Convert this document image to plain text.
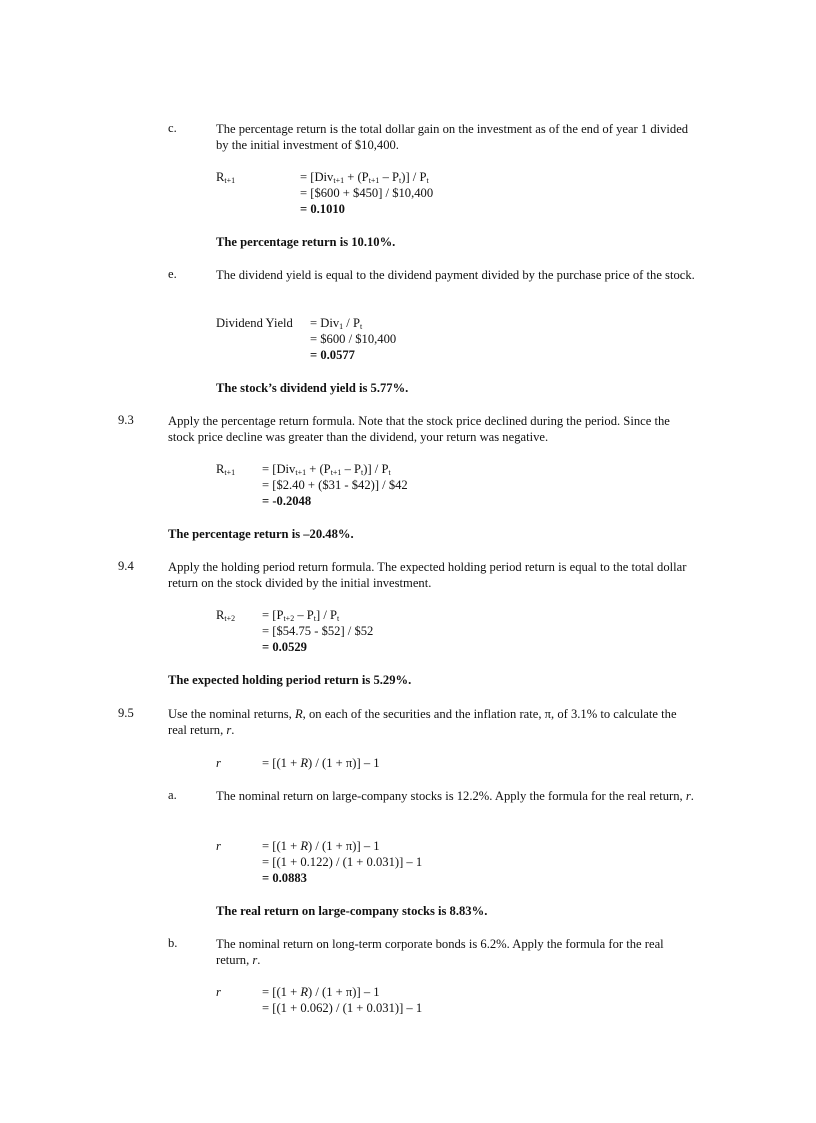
c.	The percentage return is the total dollar gain on the investment as of the end of year 1 divided by the initial investment of $10,400.
$R_{t+1}$	= $[Div_{t+1} + (P_{t+1} - P_t)] / P_t$
= [$600 + $450] / $10,400
= 0.1010
The percentage return is 10.10%.
e.	The dividend yield is equal to the dividend payment divided by the purchase price of the stock.
Dividend Yield = $Div_1 / P_t$
= $600 / $10,400
= 0.0577
The stock’s dividend yield is 5.77%.
9.3	Apply the percentage return formula. Note that the stock price declined during the period. Since the stock price decline was greater than the dividend, your return was negative.
$R_{t+1} = [Div_{t+1} + (P_{t+1} - P_t)] / P_t$
= [$2.40 + ($31 - $42)] / $42
= -0.2048
The percentage return is –20.48%.
9.4	Apply the holding period return formula. The expected holding period return is equal to the total dollar return on the stock divided by the initial investment.
$R_{t+2} = [P_{t+2} - P_t] / P_t$
= [$54.75 - $52] / $52
= 0.0529
The expected holding period return is 5.29%.
9.5	Use the nominal returns, R, on each of the securities and the inflation rate, π, of 3.1% to calculate the real return, r.
r	= [(1 + R) / (1 + π)] – 1
a.	The nominal return on large-company stocks is 12.2%. Apply the formula for the real return, r.
r	= [(1 + R) / (1 + π)] – 1
= [(1 + 0.122) / (1 + 0.031)] – 1
= 0.0883
The real return on large-company stocks is 8.83%.
b.	The nominal return on long-term corporate bonds is 6.2%. Apply the formula for the real return, r.
r	= [(1 + R) / (1 + π)] – 1
= [(1 + 0.062) / (1 + 0.031)] – 1
